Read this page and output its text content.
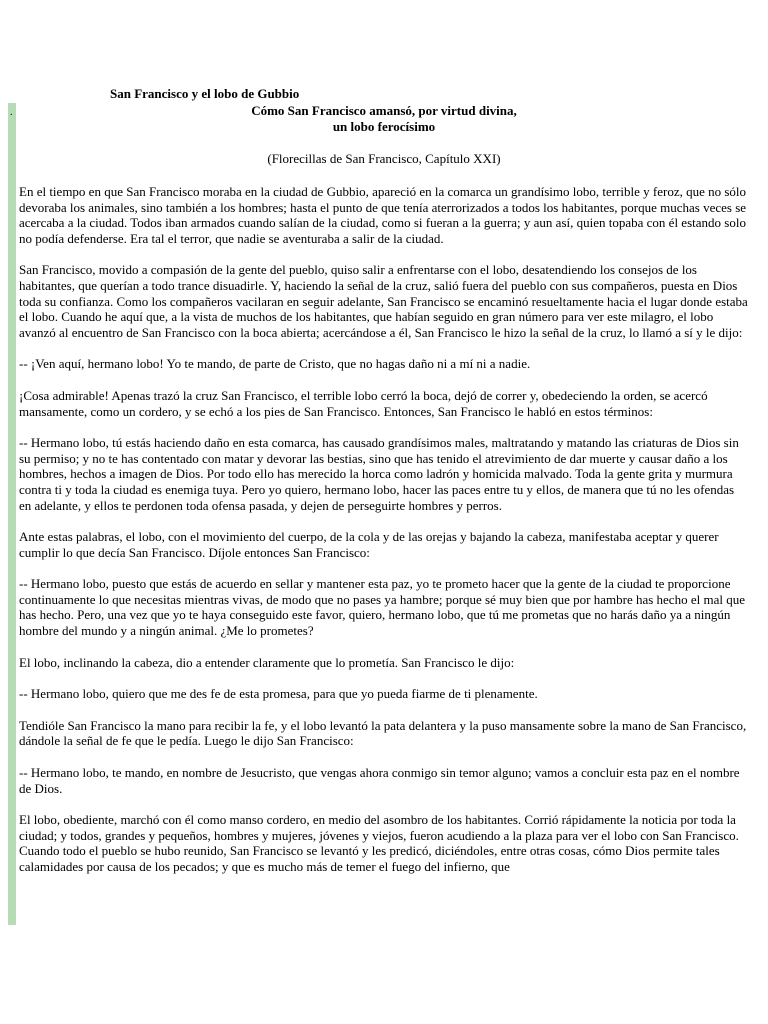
San Francisco y el lobo de Gubbio
.	Cómo San Francisco amansó, por virtud divina,
un lobo ferocísimo
(Florecillas de San Francisco, Capítulo XXI)

En el tiempo en que San Francisco moraba en la ciudad de Gubbio, apareció en la comarca un grandísimo lobo, terrible y feroz, que no sólo devoraba los animales, sino también a los hombres; hasta el punto de que tenía aterrorizados a todos los habitantes, porque muchas veces se acercaba a la ciudad. Todos iban armados cuando salían de la ciudad, como si fueran a la guerra; y aun así, quien topaba con él estando solo no podía defenderse. Era tal el terror, que nadie se aventuraba a salir de la ciudad.

San Francisco, movido a compasión de la gente del pueblo, quiso salir a enfrentarse con el lobo, desatendiendo los consejos de los habitantes, que querían a todo trance disuadirle. Y, haciendo la señal de la cruz, salió fuera del pueblo con sus compañeros, puesta en Dios toda su confianza. Como los compañeros vacilaran en seguir adelante, San Francisco se encaminó resueltamente hacia el lugar donde estaba el lobo. Cuando he aquí que, a la vista de muchos de los habitantes, que habían seguido en gran número para ver este milagro, el lobo avanzó al encuentro de San Francisco con la boca abierta; acercándose a él, San Francisco le hizo la señal de la cruz, lo llamó a sí y le dijo:

-- ¡Ven aquí, hermano lobo! Yo te mando, de parte de Cristo, que no hagas daño ni a mí ni a nadie.

¡Cosa admirable! Apenas trazó la cruz San Francisco, el terrible lobo cerró la boca, dejó de correr y, obedeciendo la orden, se acercó mansamente, como un cordero, y se echó a los pies de San Francisco. Entonces, San Francisco le habló en estos términos:

-- Hermano lobo, tú estás haciendo daño en esta comarca, has causado grandísimos males, maltratando y matando las criaturas de Dios sin su permiso; y no te has contentado con matar y devorar las bestias, sino que has tenido el atrevimiento de dar muerte y causar daño a los hombres, hechos a imagen de Dios. Por todo ello has merecido la horca como ladrón y homicida malvado. Toda la gente grita y murmura contra ti y toda la ciudad es enemiga tuya. Pero yo quiero, hermano lobo, hacer las paces entre tu y ellos, de manera que tú no les ofendas en adelante, y ellos te perdonen toda ofensa pasada, y dejen de perseguirte hombres y perros.

Ante estas palabras, el lobo, con el movimiento del cuerpo, de la cola y de las orejas y bajando la cabeza, manifestaba aceptar y querer cumplir lo que decía San Francisco. Díjole entonces San Francisco:

-- Hermano lobo, puesto que estás de acuerdo en sellar y mantener esta paz, yo te prometo hacer que la gente de la ciudad te proporcione continuamente lo que necesitas mientras vivas, de modo que no pases ya hambre; porque sé muy bien que por hambre has hecho el mal que has hecho. Pero, una vez que yo te haya conseguido este favor, quiero, hermano lobo, que tú me prometas que no harás daño ya a ningún hombre del mundo y a ningún animal. ¿Me lo prometes?

El lobo, inclinando la cabeza, dio a entender claramente que lo prometía. San Francisco le dijo:

-- Hermano lobo, quiero que me des fe de esta promesa, para que yo pueda fiarme de ti plenamente.

Tendióle San Francisco la mano para recibir la fe, y el lobo levantó la pata delantera y la puso mansamente sobre la mano de San Francisco, dándole la señal de fe que le pedía. Luego le dijo San Francisco:

-- Hermano lobo, te mando, en nombre de Jesucristo, que vengas ahora conmigo sin temor alguno; vamos a concluir esta paz en el nombre de Dios.

El lobo, obediente, marchó con él como manso cordero, en medio del asombro de los habitantes. Corrió rápidamente la noticia por toda la ciudad; y todos, grandes y pequeños, hombres y mujeres, jóvenes y viejos, fueron acudiendo a la plaza para ver el lobo con San Francisco. Cuando todo el pueblo se hubo reunido, San Francisco se levantó y les predicó, diciéndoles, entre otras cosas, cómo Dios permite tales calamidades por causa de los pecados; y que es mucho más de temer el fuego del infierno, que
